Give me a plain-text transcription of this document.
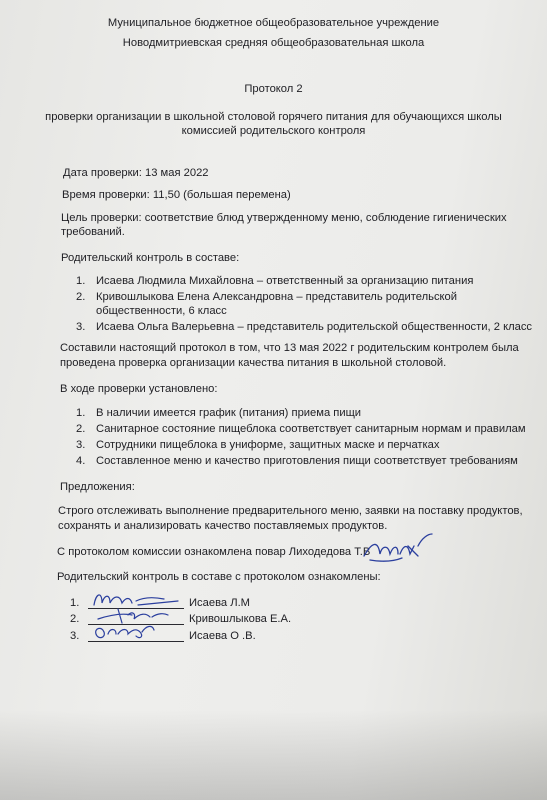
Муниципальное бюджетное общеобразовательное учреждение
Новодмитриевская средняя общеобразовательная школа
Протокол 2
проверки организации в школьной столовой горячего питания для обучающихся школы
комиссией родительского контроля
Дата проверки: 13 мая 2022
Время проверки: 11,50 (большая перемена)
Цель проверки: соответствие блюд утвержденному меню, соблюдение гигиенических
требований.
Родительский контроль в составе:
1. Исаева Людмила Михайловна – ответственный за организацию питания
2. Кривошлыкова Елена Александровна – представитель родительской
общественности, 6 класс
3. Исаева Ольга Валерьевна – представитель родительской общественности, 2 класс
Составили настоящий протокол в том, что 13 мая 2022 г родительским контролем была
проведена проверка организации качества питания в школьной столовой.
В ходе проверки установлено:
1. В наличии имеется график (питания) приема пищи
2. Санитарное состояние пищеблока соответствует санитарным нормам и правилам
3. Сотрудники пищеблока в униформе, защитных маске и перчатках
4. Составленное меню и качество приготовления пищи соответствует требованиям
Предложения:
Строго отслеживать выполнение предварительного меню, заявки на поставку продуктов,
сохранять и анализировать качество поставляемых продуктов.
С протоколом комиссии ознакомлена повар Лиходедова Т.В
Родительский контроль в составе с протоколом ознакомлены:
1.	Исаева Л.М
2.	Кривошлыкова Е.А.
3.	Исаева О .В.
